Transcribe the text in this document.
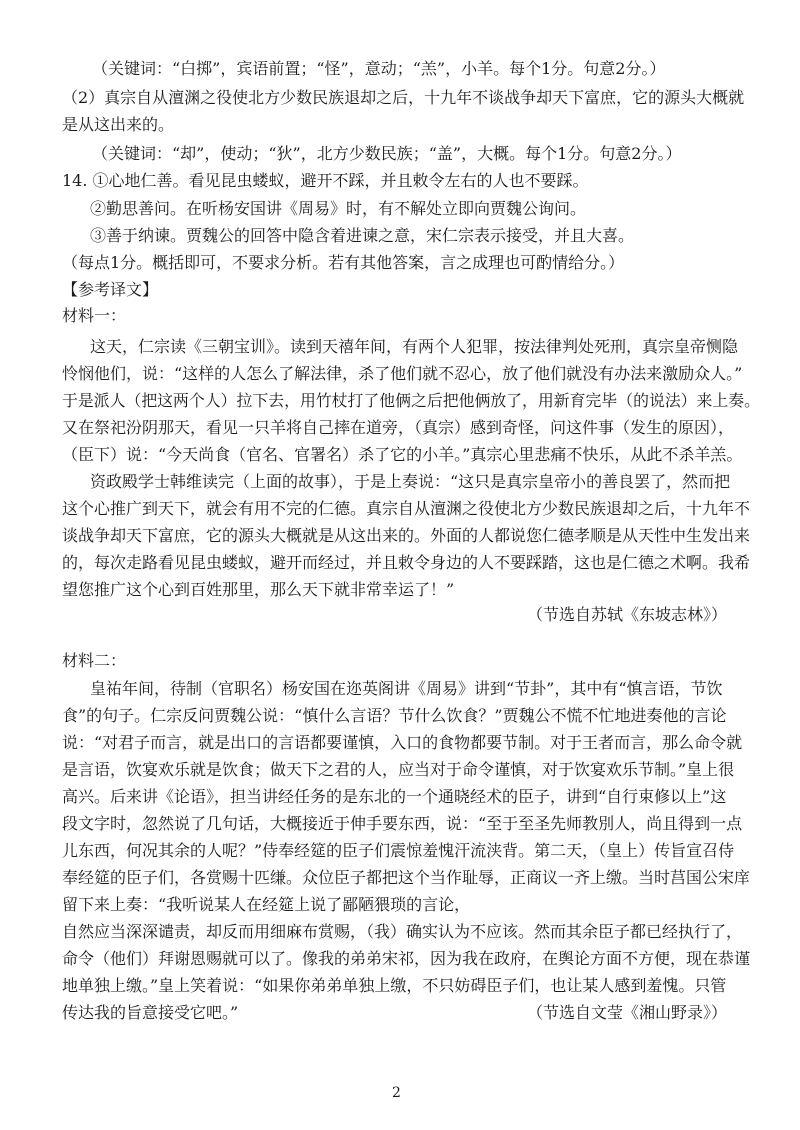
（关键词：“白掷”，宾语前置；“怪”，意动；“羔”，小羊。每个1分。句意2分。）
（2）真宗自从澶渊之役使北方少数民族退却之后，十九年不谈战争却天下富庶，它的源头大概就
是从这出来的。
（关键词：“却”，使动；“狄”，北方少数民族；“盖”，大概。每个1分。句意2分。）
14. ①心地仁善。看见昆虫蝼蚁，避开不踩，并且敕令左右的人也不要踩。
②勤思善问。在听杨安国讲《周易》时，有不解处立即向贾魏公询问。
③善于纳谏。贾魏公的回答中隐含着进谏之意，宋仁宗表示接受，并且大喜。
（每点1分。概括即可，不要求分析。若有其他答案，言之成理也可酌情给分。）
【参考译文】
材料一：
这天，仁宗读《三朝宝训》。读到天禧年间，有两个人犯罪，按法律判处死刑，真宗皇帝恻隐
怜悯他们，说：“这样的人怎么了解法律，杀了他们就不忍心，放了他们就没有办法来激励众人。”
于是派人（把这两个人）拉下去，用竹杖打了他俩之后把他俩放了，用新育完毕（的说法）来上奏。
又在祭祀汾阴那天，看见一只羊将自己摔在道旁，（真宗）感到奇怪，问这件事（发生的原因），
（臣下）说：“今天尚食（官名、官署名）杀了它的小羊。”真宗心里悲痛不快乐，从此不杀羊羔。
资政殿学士韩维读完（上面的故事），于是上奏说：“这只是真宗皇帝小的善良罢了，然而把
这个心推广到天下，就会有用不完的仁德。真宗自从澶渊之役使北方少数民族退却之后，十九年不
谈战争却天下富庶，它的源头大概就是从这出来的。外面的人都说您仁德孝顺是从天性中生发出来
的，每次走路看见昆虫蝼蚁，避开而经过，并且敕令身边的人不要踩踏，这也是仁德之术啊。我希
望您推广这个心到百姓那里，那么天下就非常幸运了！”
（节选自苏轼《东坡志林》）
材料二：
皇祐年间，待制（官职名）杨安国在迩英阁讲《周易》讲到“节卦”，其中有“慎言语，节饮
食”的句子。仁宗反问贾魏公说：“慎什么言语？节什么饮食？”贾魏公不慌不忙地进奏他的言论
说：“对君子而言，就是出口的言语都要谨慎，入口的食物都要节制。对于王者而言，那么命令就
是言语，饮宴欢乐就是饮食；做天下之君的人，应当对于命令谨慎，对于饮宴欢乐节制。”皇上很
高兴。后来讲《论语》，担当讲经任务的是东北的一个通晓经术的臣子，讲到“自行束修以上”这
段文字时，忽然说了几句话，大概接近于伸手要东西，说：“至于至圣先师教別人，尚且得到一点
儿东西，何况其余的人呢？”侍奉经筵的臣子们震惊羞愧汗流浃背。第二天，（皇上）传旨宣召侍
奉经筵的臣子们，各赏赐十匹缣。众位臣子都把这个当作耻辱，正商议一齐上缴。当时莒国公宋庠
留下来上奏：“我听说某人在经筵上说了鄙陋猥琐的言论，
自然应当深深谴责，却反而用细麻布赏赐，（我）确实认为不应该。然而其余臣子都已经执行了，
命令（他们）拜谢恩赐就可以了。像我的弟弟宋祁，因为我在政府，在舆论方面不方便，现在恭谨
地单独上缴。”皇上笑着说：“如果你弟弟单独上缴，不只妨碍臣子们，也让某人感到羞愧。只管
传达我的旨意接受它吧。”	（节选自文莹《湘山野录》）
2
